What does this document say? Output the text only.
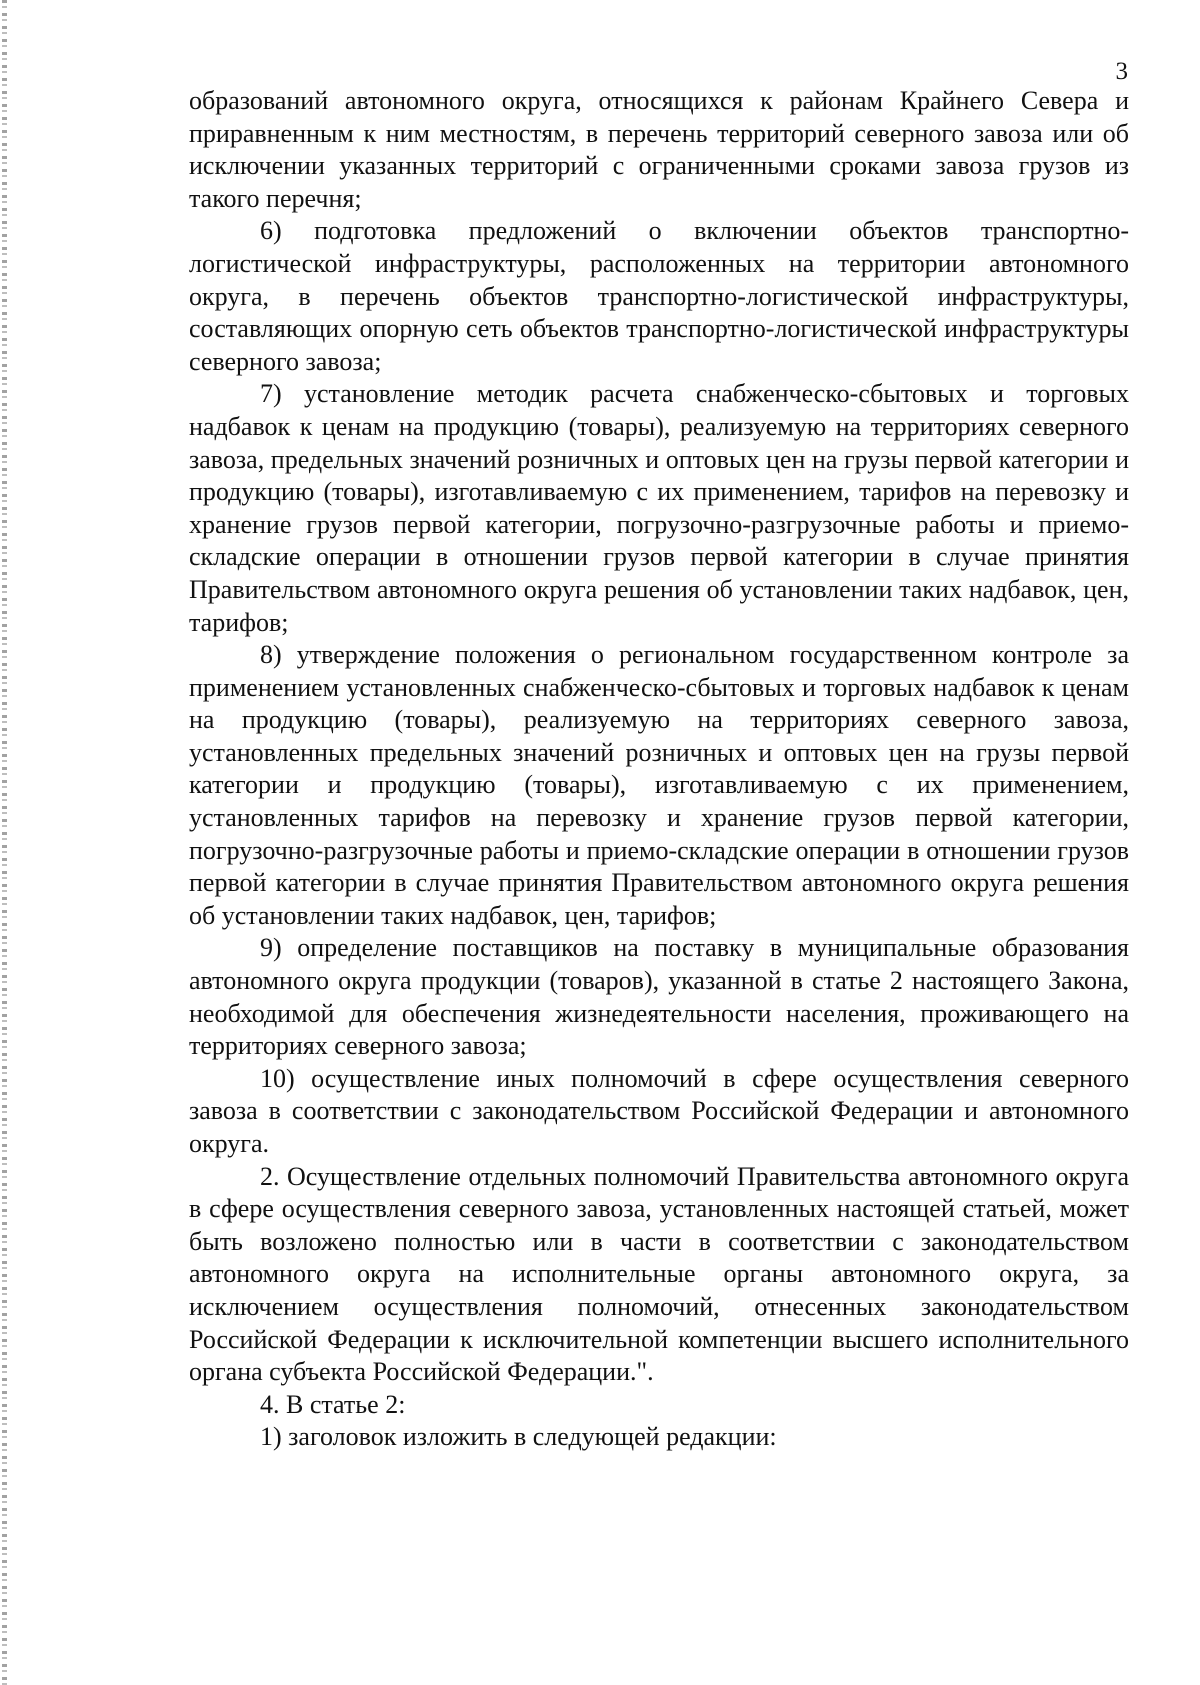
3

образований автономного округа, относящихся к районам Крайнего Севера и приравненным к ним местностям, в перечень территорий северного завоза или об исключении указанных территорий с ограниченными сроками завоза грузов из такого перечня;

6) подготовка предложений о включении объектов транспортно-логистической инфраструктуры, расположенных на территории автономного округа, в перечень объектов транспортно-логистической инфраструктуры, составляющих опорную сеть объектов транспортно-логистической инфраструктуры северного завоза;

7) установление методик расчета снабженческо-сбытовых и торговых надбавок к ценам на продукцию (товары), реализуемую на территориях северного завоза, предельных значений розничных и оптовых цен на грузы первой категории и продукцию (товары), изготавливаемую с их применением, тарифов на перевозку и хранение грузов первой категории, погрузочно-разгрузочные работы и приемо-складские операции в отношении грузов первой категории в случае принятия Правительством автономного округа решения об установлении таких надбавок, цен, тарифов;

8) утверждение положения о региональном государственном контроле за применением установленных снабженческо-сбытовых и торговых надбавок к ценам на продукцию (товары), реализуемую на территориях северного завоза, установленных предельных значений розничных и оптовых цен на грузы первой категории и продукцию (товары), изготавливаемую с их применением, установленных тарифов на перевозку и хранение грузов первой категории, погрузочно-разгрузочные работы и приемо-складские операции в отношении грузов первой категории в случае принятия Правительством автономного округа решения об установлении таких надбавок, цен, тарифов;

9) определение поставщиков на поставку в муниципальные образования автономного округа продукции (товаров), указанной в статье 2 настоящего Закона, необходимой для обеспечения жизнедеятельности населения, проживающего на территориях северного завоза;

10) осуществление иных полномочий в сфере осуществления северного завоза в соответствии с законодательством Российской Федерации и автономного округа.

2. Осуществление отдельных полномочий Правительства автономного округа в сфере осуществления северного завоза, установленных настоящей статьей, может быть возложено полностью или в части в соответствии с законодательством автономного округа на исполнительные органы автономного округа, за исключением осуществления полномочий, отнесенных законодательством Российской Федерации к исключительной компетенции высшего исполнительного органа субъекта Российской Федерации.".

4. В статье 2:

1) заголовок изложить в следующей редакции:
